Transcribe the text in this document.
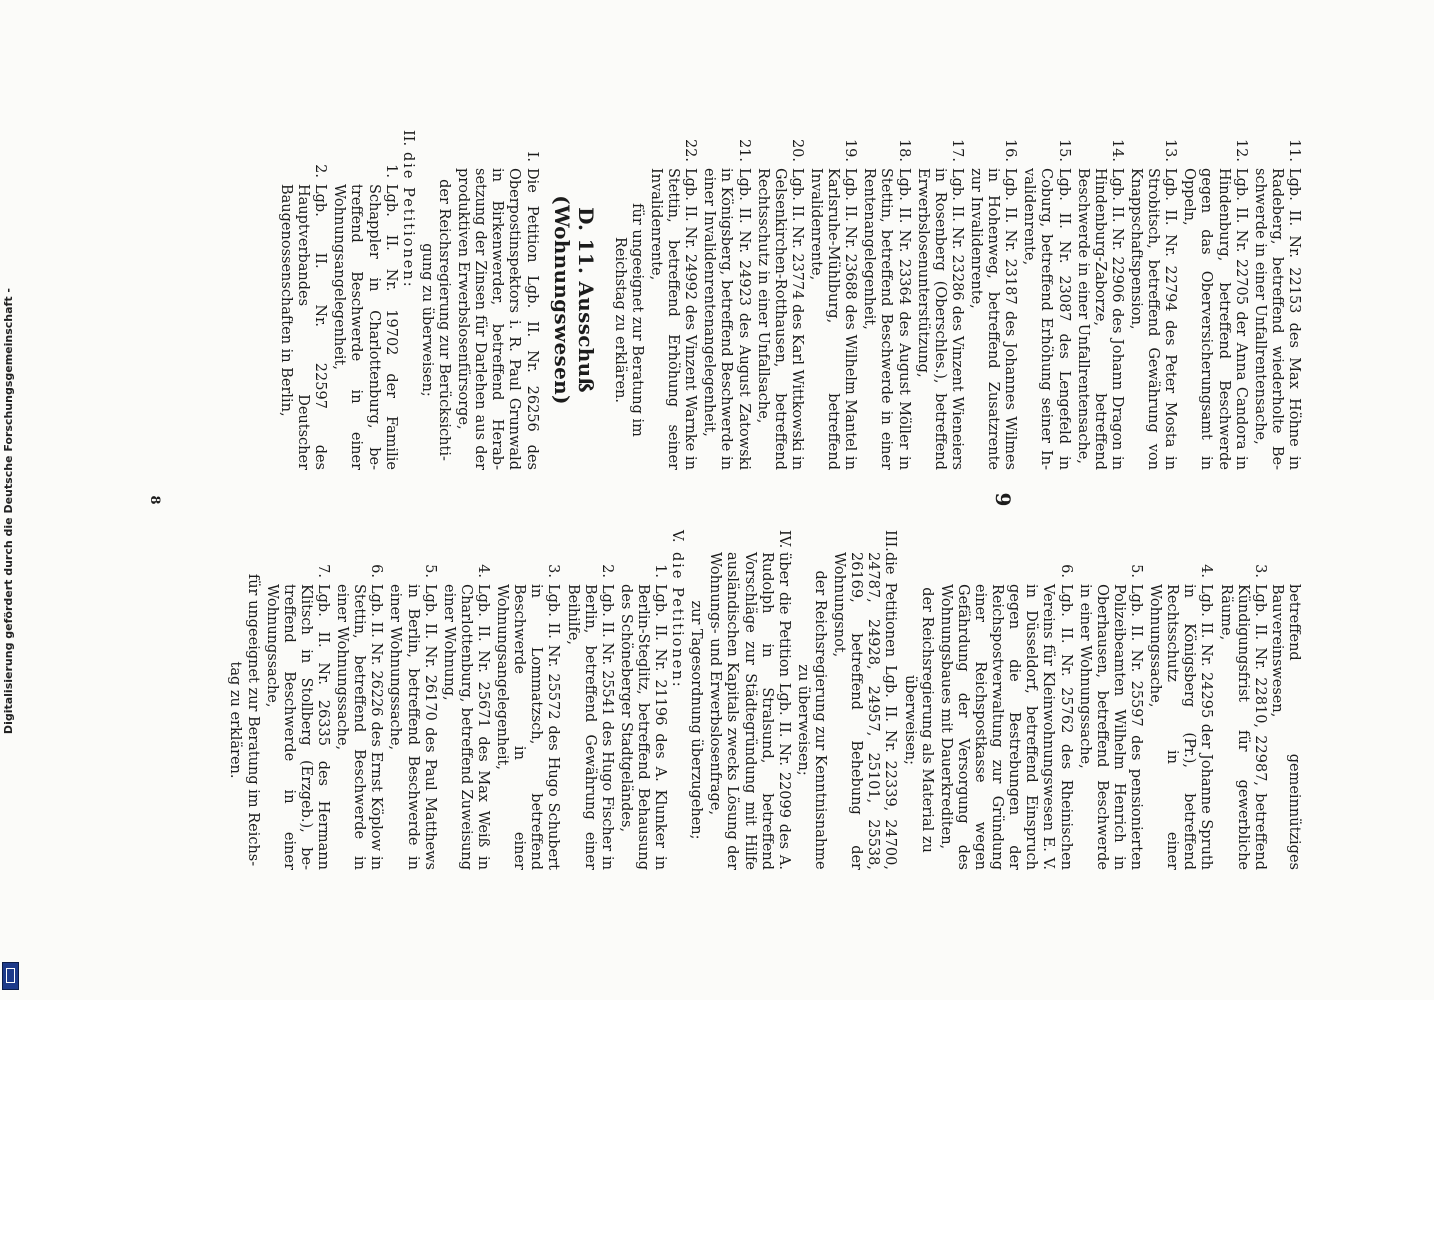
9
11.
Lgb. II. Nr. 22153 des Max Höhne in Radeberg, betreffend wiederholte Beschwerde in einer Unfallrentensache,
12.
Lgb. II. Nr. 22705 der Anna Candora in Hindenburg, betreffend Beschwerde gegen das Oberversicherungsamt in Oppeln,
13.
Lgb. II. Nr. 22794 des Peter Mosta in Strobitsch, betreffend Gewährung von Knappschaftspension,
14.
Lgb. II. Nr. 22906 des Johann Dragon in Hindenburg-Zaborze, betreffend Beschwerde in einer Unfallrentensache,
15.
Lgb. II. Nr. 23087 des Lengefeld in Coburg, betreffend Erhöhung seiner Invalidenrente,
16.
Lgb. II. Nr. 23187 des Johannes Wilmes in Hohenweg, betreffend Zusatzrente zur Invalidenrente,
17.
Lgb. II. Nr. 23286 des Vinzent Wieneiers in Rosenberg (Oberschles.), betreffend Erwerbslosenunterstützung,
18.
Lgb. II. Nr. 23364 des August Möller in Stettin, betreffend Beschwerde in einer Rentenangelegenheit,
19.
Lgb. II. Nr. 23688 des Wilhelm Mantel in Karlsruhe-Mühlburg, betreffend Invalidenrente,
20.
Lgb. II. Nr. 23774 des Karl Wittkowski in Gelsenkirchen-Rotthausen, betreffend Rechtsschutz in einer Unfallsache,
21.
Lgb. II. Nr. 24923 des August Zatowski in Königsberg, betreffend Beschwerde in einer Invalidenrentenangelegenheit,
22.
Lgb. II. Nr. 24992 des Vinzent Warnke in Stettin, betreffend Erhöhung seiner Invalidenrente,
für ungeeignet zur Beratung im Reichstag zu erklären.
D. 11. Ausschuß (Wohnungswesen)
I.
Die Petition Lgb. II. Nr. 26256 des Oberpostinspektors i. R. Paul Grunwald in Birkenwerder, betreffend Herabsetzung der Zinsen für Darlehen aus der produktiven Erwerbslosenfürsorge,
der Reichsregierung zur Berücksichtigung zu überweisen;
II.
die Petitionen:
1.
Lgb. II. Nr. 19702 der Familie Schappler in Charlottenburg, betreffend Beschwerde in einer Wohnungsangelegenheit,
2.
Lgb. II. Nr. 22597 des Hauptverbandes Deutscher Baugenossenschaften in Berlin,
betreffend gemeinnütziges Bauvereinswesen,
3.
Lgb. II. Nr. 22810, 22987, betreffend Kündigungsfrist für gewerbliche Räume,
4.
Lgb. II. Nr. 24295 der Johanne Spruth in Königsberg (Pr.), betreffend Rechtsschutz in einer Wohnungssache,
5.
Lgb. II. Nr. 25597 des pensionierten Polizeibeamten Wilhelm Henrich in Oberhausen, betreffend Beschwerde in einer Wohnungssache,
6.
Lgb. II. Nr. 25762 des Rheinischen Vereins für Kleinwohnungswesen E. V. in Düsseldorf, betreffend Einspruch gegen die Bestrebungen der Reichspostverwaltung zur Gründung einer Reichspostkasse wegen Gefährdung der Versorgung des Wohnungsbaues mit Dauerkrediten,
der Reichsregierung als Material zu überweisen;
III.
die Petitionen Lgb. II. Nr. 22339, 24700, 24787, 24928, 24957, 25101, 25538, 26169, betreffend Behebung der Wohnungsnot,
der Reichsregierung zur Kenntnisnahme zu überweisen;
IV.
über die Petition Lgb. II. Nr. 22099 des A. Rudolph in Stralsund, betreffend Vorschläge zur Städtegründung mit Hilfe ausländischen Kapitals zwecks Lösung der Wohnungs- und Erwerbslosenfrage,
zur Tagesordnung überzugehen;
V.
die Petitionen:
1.
Lgb. II. Nr. 21196 des A. Klunker in Berlin-Steglitz, betreffend Behausung des Schöneberger Stadtgeländes,
2.
Lgb. II. Nr. 25541 des Hugo Fischer in Berlin, betreffend Gewährung einer Beihilfe,
3.
Lgb. II. Nr. 25572 des Hugo Schubert in Lommatzsch, betreffend Beschwerde in einer Wohnungsangelegenheit,
4.
Lgb. II. Nr. 25671 des Max Weiß in Charlottenburg, betreffend Zuweisung einer Wohnung,
5.
Lgb. II. Nr. 26170 des Paul Matthews in Berlin, betreffend Beschwerde in einer Wohnungssache,
6.
Lgb. II. Nr. 26226 des Ernst Köplow in Stettin, betreffend Beschwerde in einer Wohnungssache,
7.
Lgb. II. Nr. 26335 des Hermann Klitsch in Stollberg (Erzgeb.), betreffend Beschwerde in einer Wohnungssache,
für ungeeignet zur Beratung im Reichstag zu erklären.
8
Digitalisierung gefördert durch die Deutsche Forschungsgemeinschaft -
